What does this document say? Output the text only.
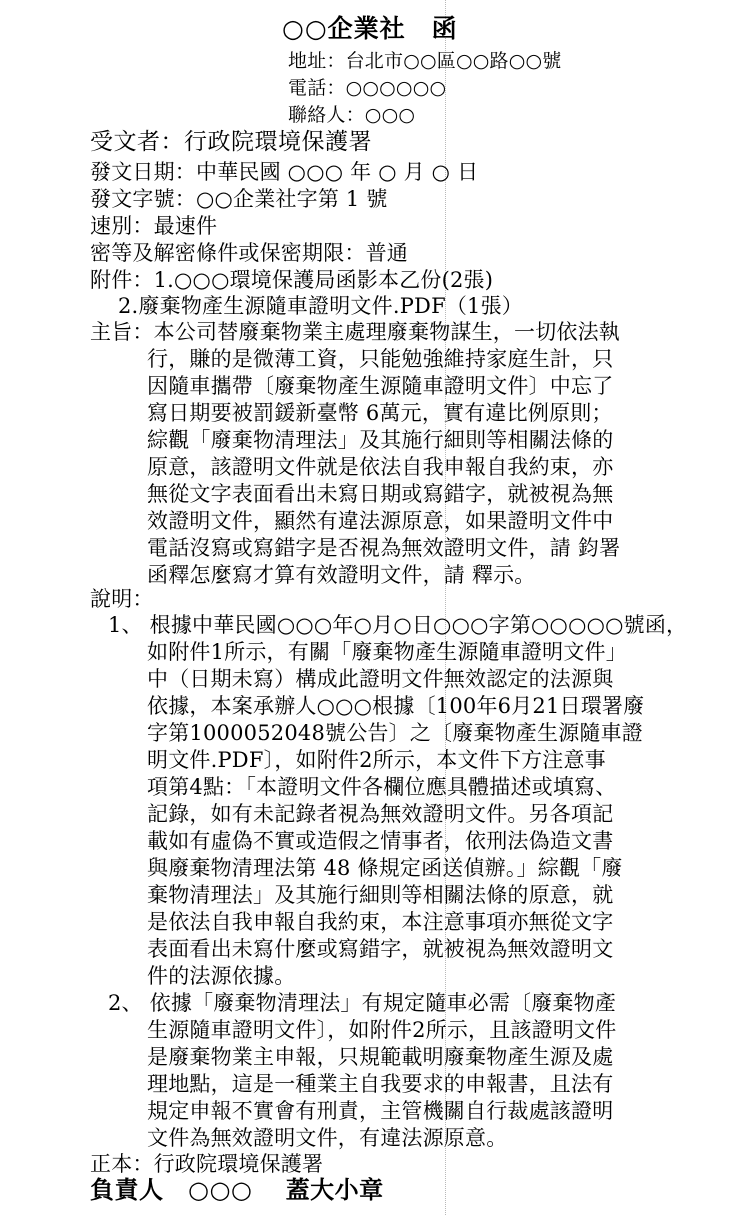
○○企業社　函
地址：台北市○○區○○路○○號
電話：○○○○○○
聯絡人：○○○
受文者：行政院環境保護署
發文日期：中華民國 ○○○ 年 ○ 月 ○ 日
發文字號：○○企業社字第 1 號
速別：最速件
密等及解密條件或保密期限：普通
附件：1.○○○環境保護局函影本乙份(2張)
2.廢棄物產生源隨車證明文件.PDF（1張）
主旨：本公司替廢棄物業主處理廢棄物謀生，一切依法執
行，賺的是微薄工資，只能勉強維持家庭生計，只
因隨車攜帶〔廢棄物產生源隨車證明文件〕中忘了
寫日期要被罰鍰新臺幣 6萬元，實有違比例原則；
綜觀「廢棄物清理法」及其施行細則等相關法條的
原意，該證明文件就是依法自我申報自我約束，亦
無從文字表面看出未寫日期或寫錯字，就被視為無
效證明文件，顯然有違法源原意，如果證明文件中
電話沒寫或寫錯字是否視為無效證明文件，請 鈞署
函釋怎麼寫才算有效證明文件，請 釋示。
說明：
1、 根據中華民國○○○年○月○日○○○字第○○○○○號函，
如附件1所示，有關「廢棄物產生源隨車證明文件」
中（日期未寫）構成此證明文件無效認定的法源與
依據，本案承辦人○○○根據〔100年6月21日環署廢
字第1000052048號公告〕之〔廢棄物產生源隨車證
明文件.PDF〕，如附件2所示，本文件下方注意事
項第4點：「本證明文件各欄位應具體描述或填寫、
記錄，如有未記錄者視為無效證明文件。另各項記
載如有虛偽不實或造假之情事者，依刑法偽造文書
與廢棄物清理法第 48 條規定函送偵辦。」綜觀「廢
棄物清理法」及其施行細則等相關法條的原意，就
是依法自我申報自我約束，本注意事項亦無從文字
表面看出未寫什麼或寫錯字，就被視為無效證明文
件的法源依據。
2、 依據「廢棄物清理法」有規定隨車必需〔廢棄物產
生源隨車證明文件〕，如附件2所示，且該證明文件
是廢棄物業主申報，只規範載明廢棄物產生源及處
理地點，這是一種業主自我要求的申報書，且法有
規定申報不實會有刑責，主管機關自行裁處該證明
文件為無效證明文件，有違法源原意。
正本：行政院環境保護署
負責人　○○○　 蓋大小章
